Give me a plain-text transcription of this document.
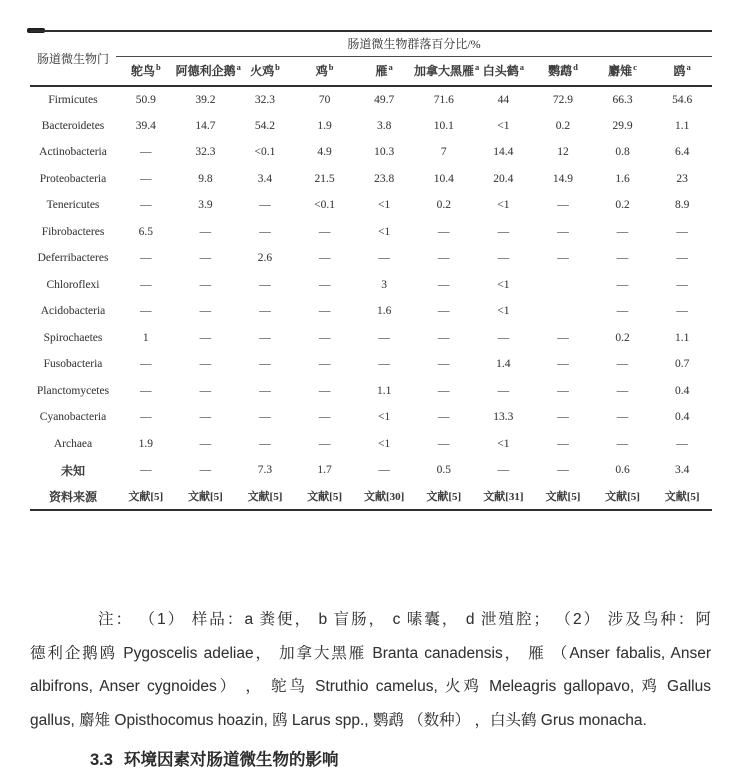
肠道微生物门	肠道微生物群落百分比/%									
	鸵鸟$^b$	阿德利企鹅$^a$	火鸡$^b$	鸡$^b$	雁$^a$	加拿大黑雁$^a$	白头鹤$^a$	鹦鹉$^d$	麝雉$^c$	鸥$^a$
Firmicutes	50.9	39.2	32.3	70	49.7	71.6	44	72.9	66.3	54.6
Bacteroidetes	39.4	14.7	54.2	1.9	3.8	10.1	<1	0.2	29.9	1.1
Actinobacteria	—	32.3	<0.1	4.9	10.3	7	14.4	12	0.8	6.4
Proteobacteria	—	9.8	3.4	21.5	23.8	10.4	20.4	14.9	1.6	23
Tenericutes	—	3.9	—	<0.1	<1	0.2	<1	—	0.2	8.9
Fibrobacteres	6.5	—	—	—	<1	—	—	—	—	—
Deferribacteres	—	—	2.6	—	—	—	—	—	—	—
Chloroflexi	—	—	—	—	3	—	<1		—	—
Acidobacteria	—	—	—	—	1.6	—	<1		—	—
Spirochaetes	1	—	—	—	—	—	—	—	0.2	1.1
Fusobacteria	—	—	—	—	—	—	1.4	—	—	0.7
Planctomycetes	—	—	—	—	1.1	—	—	—	—	0.4
Cyanobacteria	—	—	—	—	<1	—	13.3	—	—	0.4
Archaea	1.9	—	—	—	<1	—	<1	—	—	—
未知	—	—	7.3	1.7	—	0.5	—	—	0.6	3.4
资料来源	文献[5]	文献[5]	文献[5]	文献[5]	文献[30]	文献[5]	文献[31]	文献[5]	文献[5]	文献[5]
注： （1） 样品：a 粪便， b 盲肠， c 嗉囊， d 泄殖腔； （2） 涉及鸟种：阿
德利企鹅鸥 Pygoscelis adeliae， 加拿大黑雁 Branta canadensis， 雁 （Anser fabalis, Anser
albifrons, Anser cygnoides） ， 鸵鸟 Struthio camelus, 火鸡 Meleagris gallopavo, 鸡 Gallus
gallus, 麝雉 Opisthocomus hoazin, 鸥 Larus spp., 鹦鹉 （数种） ，白头鹤 Grus monacha.
3.3 环境因素对肠道微生物的影响
